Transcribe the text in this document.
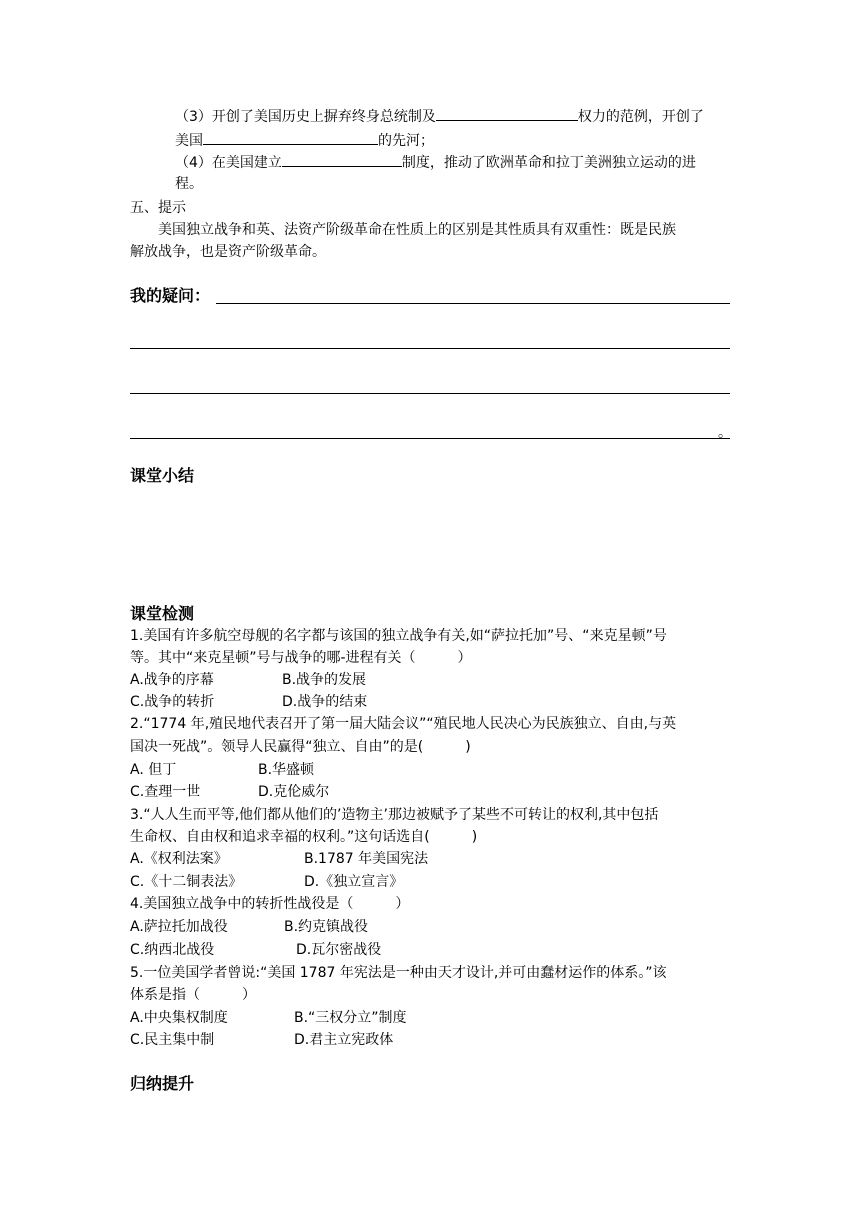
（3）开创了美国历史上摒弃终身总统制及	权力的范例，开创了
美国	的先河；
（4）在美国建立	制度，推动了欧洲革命和拉丁美洲独立运动的进
程。
五、提示
美国独立战争和英、法资产阶级革命在性质上的区别是其性质具有双重性：既是民族
解放战争，也是资产阶级革命。
我的疑问：
。
课堂小结
课堂检测
1.美国有许多航空母舰的名字都与该国的独立战争有关,如“萨拉托加”号、“来克星顿”号
等。其中“来克星顿”号与战争的哪-进程有关（　　　）
A.战争的序幕	B.战争的发展
C.战争的转折	D.战争的结束
2.“1774 年,殖民地代表召开了第一届大陆会议”“殖民地人民决心为民族独立、自由,与英
国决一死战”。领导人民赢得“独立、自由”的是(　　　)
A. 但丁	B.华盛顿
C.查理一世	D.克伦威尔
3.“人人生而平等,他们都从他们的’造物主’那边被赋予了某些不可转让的权利,其中包括
生命权、自由权和追求幸福的权利。”这句话选自(　　　)
A.《权利法案》	B.1787 年美国宪法
C.《十二铜表法》	D.《独立宣言》
4.美国独立战争中的转折性战役是（　　　）
A.萨拉托加战役	B.约克镇战役
C.纳西北战役	D.瓦尔密战役
5.一位美国学者曾说:“美国 1787 年宪法是一种由天才设计,并可由蠢材运作的体系。”该
体系是指（　　　）
A.中央集权制度	B.“三权分立”制度
C.民主集中制	D.君主立宪政体
归纳提升
